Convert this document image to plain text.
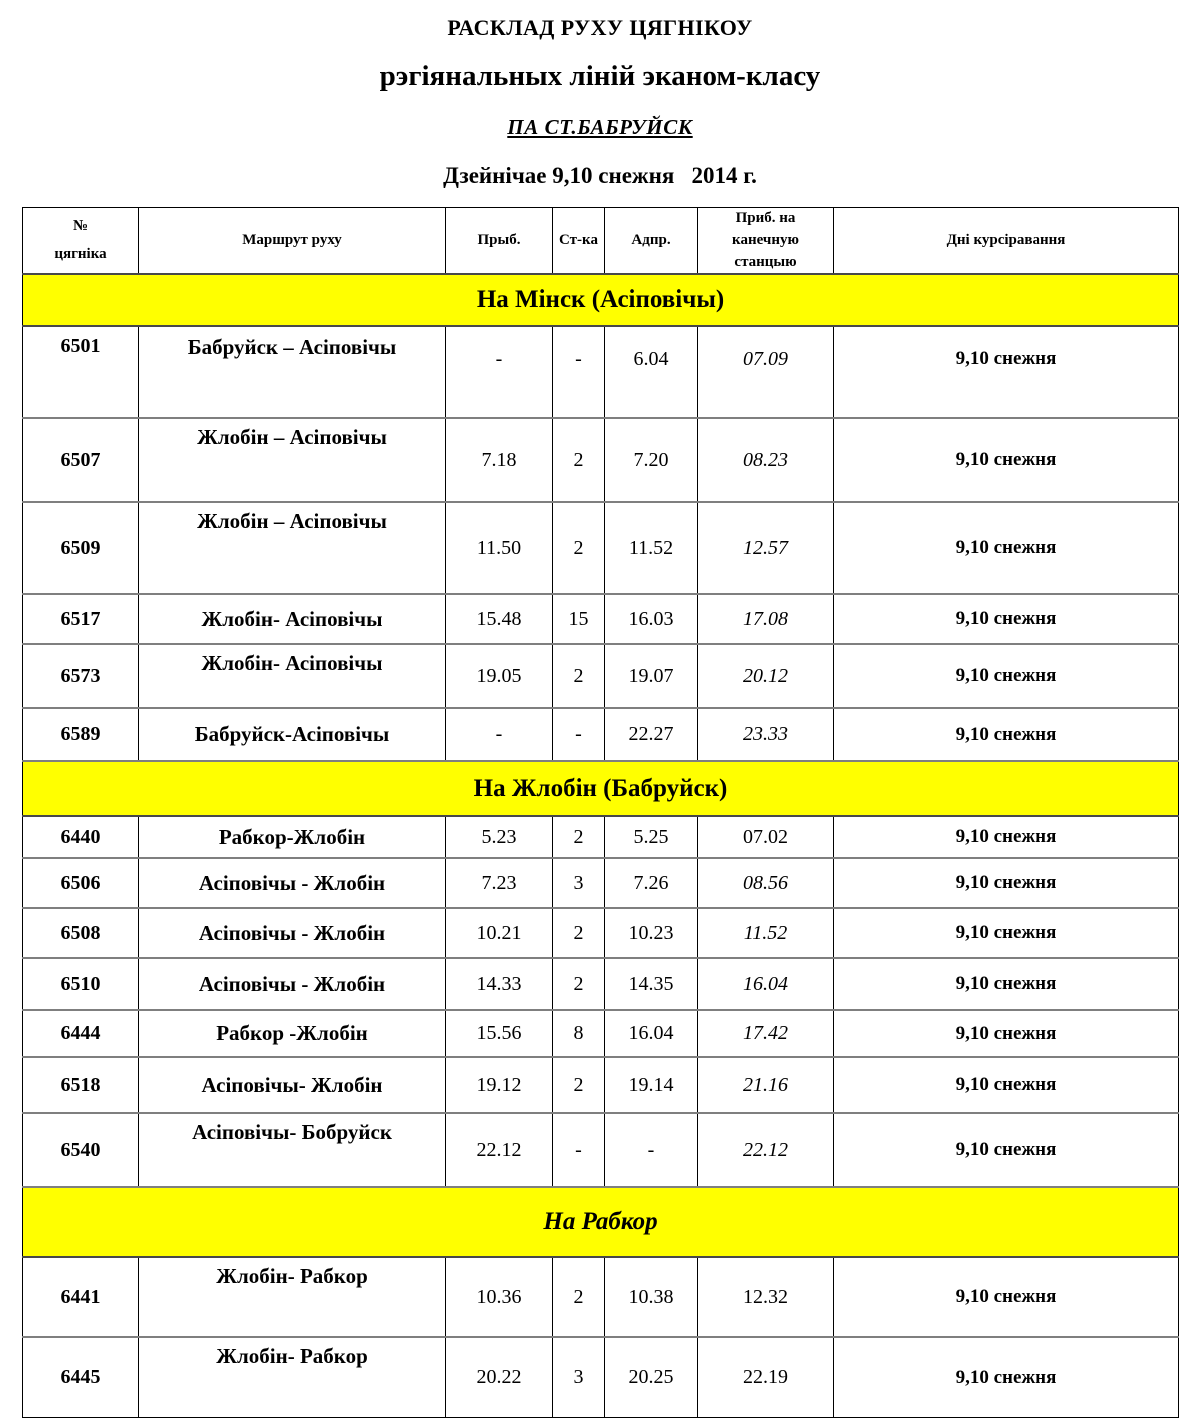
РАСКЛАД РУХУ ЦЯГНІКОУ
рэгіянальных ліній эканом-класу
ПА СТ.БАБРУЙСК
Дзейнічае 9,10 снежня   2014 г.
№
цягніка	Маршрут руху	Прыб.	Ст-ка	Адпр.	Приб. на канечную станцыю	Дні курсіравання
На Мінск (Асіповічы)						
6501	Бабруйск – Асіповічы	-	-	6.04	07.09	9,10 снежня
6507	Жлобін – Асіповічы	7.18	2	7.20	08.23	9,10 снежня
6509	Жлобін – Асіповічы	11.50	2	11.52	12.57	9,10 снежня
6517	Жлобін- Асіповічы	15.48	15	16.03	17.08	9,10 снежня
6573	Жлобін- Асіповічы	19.05	2	19.07	20.12	9,10 снежня
6589	Бабруйск-Асіповічы	-	-	22.27	23.33	9,10 снежня
На Жлобін (Бабруйск)						
6440	Рабкор-Жлобін	5.23	2	5.25	07.02	9,10 снежня
6506	Асіповічы - Жлобін	7.23	3	7.26	08.56	9,10 снежня
6508	Асіповічы - Жлобін	10.21	2	10.23	11.52	9,10 снежня
6510	Асіповічы - Жлобін	14.33	2	14.35	16.04	9,10 снежня
6444	Рабкор -Жлобін	15.56	8	16.04	17.42	9,10 снежня
6518	Асіповічы- Жлобін	19.12	2	19.14	21.16	9,10 снежня
6540	Асіповічы- Бобруйск	22.12	-	-	22.12	9,10 снежня
На Рабкор						
6441	Жлобін- Рабкор	10.36	2	10.38	12.32	9,10 снежня
6445	Жлобін- Рабкор	20.22	3	20.25	22.19	9,10 снежня
